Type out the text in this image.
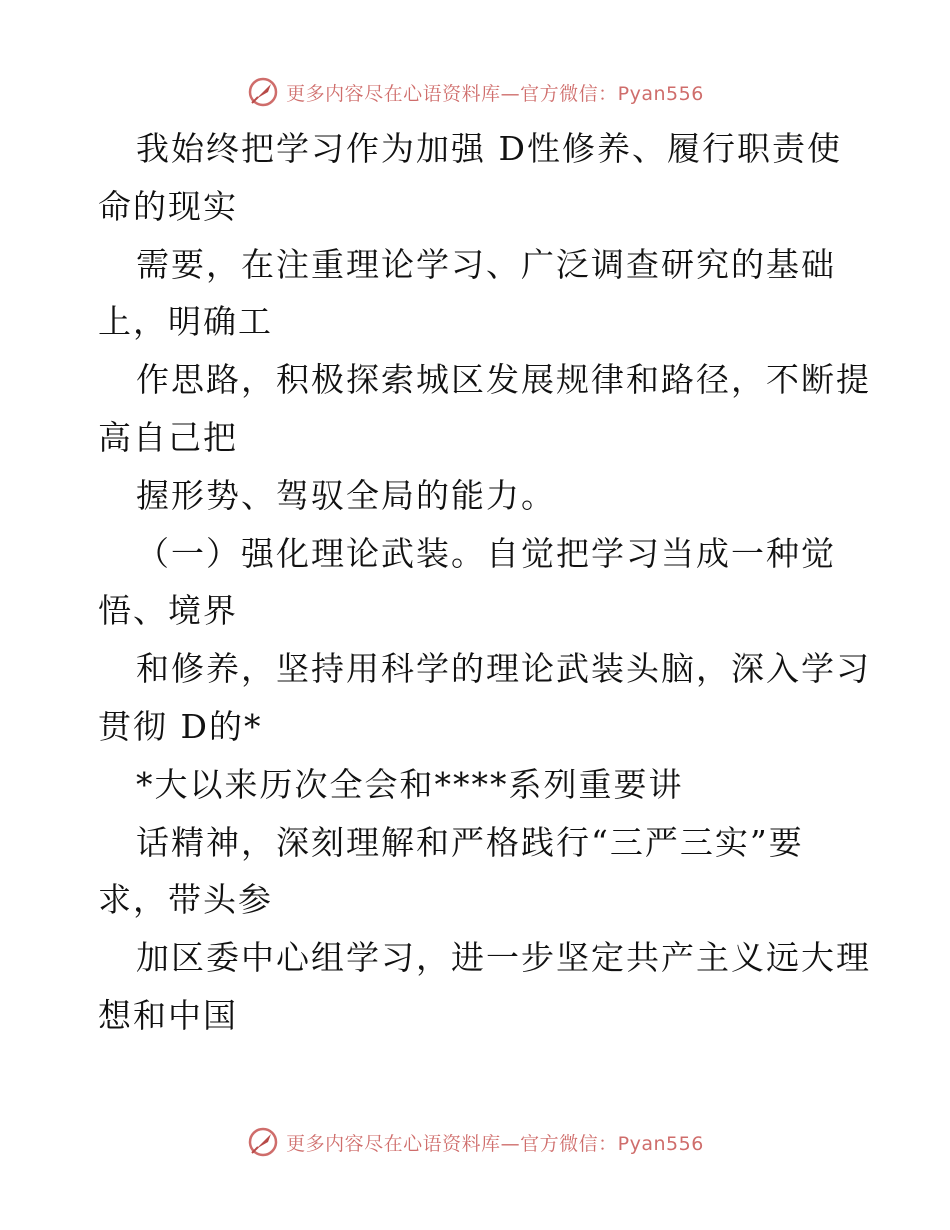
更多内容尽在心语资料库—官方微信：Pyan556
我始终把学习作为加强 D性修养、履行职责使
命的现实
需要，在注重理论学习、广泛调查研究的基础
上，明确工
作思路，积极探索城区发展规律和路径，不断提
高自己把
握形势、驾驭全局的能力。
（一）强化理论武装。自觉把学习当成一种觉
悟、境界
和修养，坚持用科学的理论武装头脑，深入学习
贯彻 D的*
*大以来历次全会和****系列重要讲
话精神，深刻理解和严格践行“三严三实”要
求，带头参
加区委中心组学习，进一步坚定共产主义远大理
想和中国
更多内容尽在心语资料库—官方微信：Pyan556
